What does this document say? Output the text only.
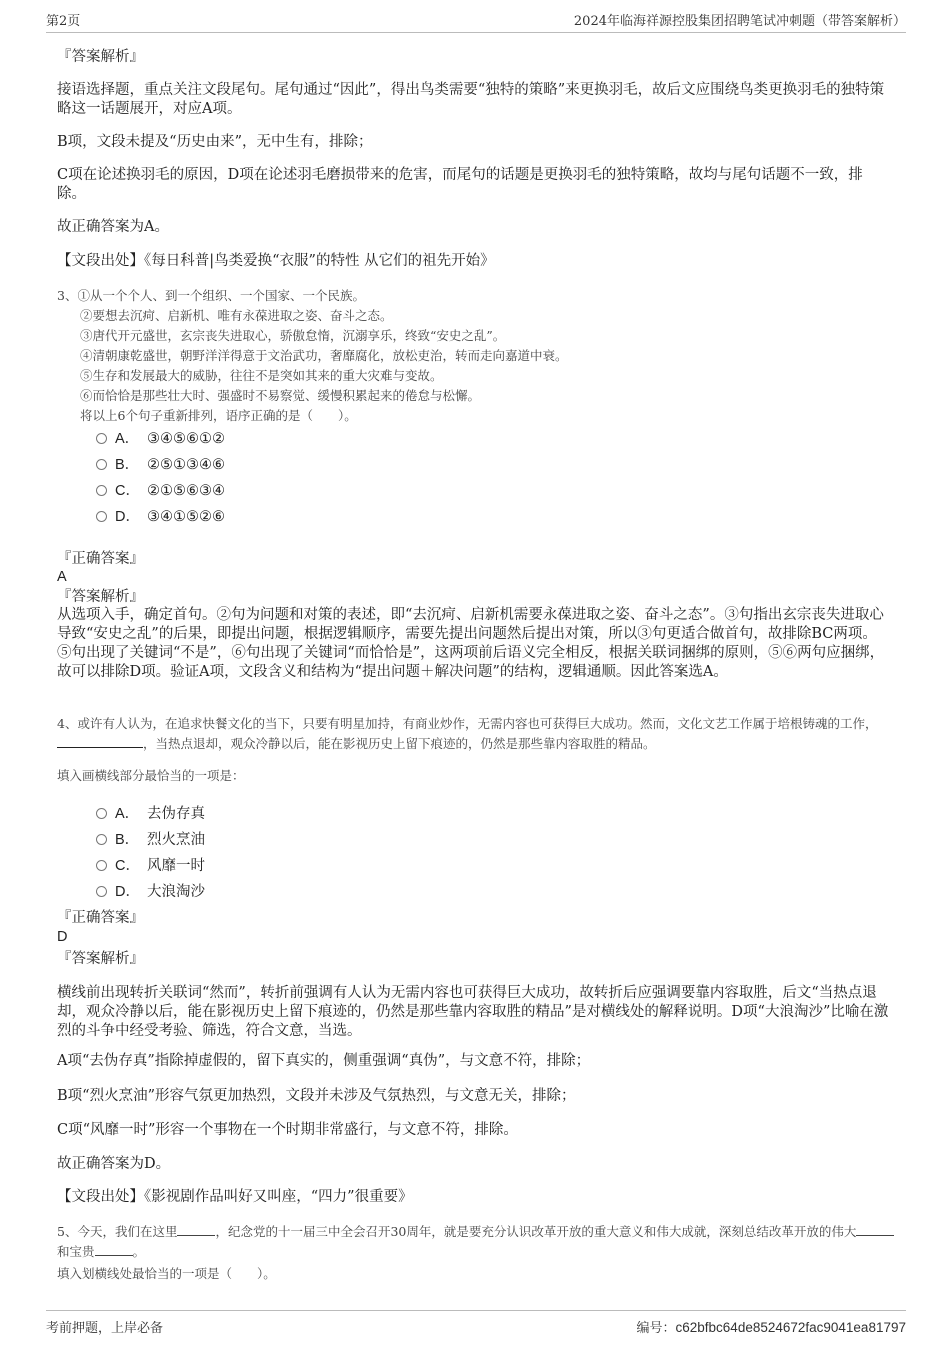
第2页	2024年临海祥源控股集团招聘笔试冲刺题（带答案解析）
『答案解析』
接语选择题，重点关注文段尾句。尾句通过“因此”，得出鸟类需要“独特的策略”来更换羽毛，故后文应围绕鸟类更换羽毛的独特策略这一话题展开，对应A项。
B项，文段未提及“历史由来”，无中生有，排除；
C项在论述换羽毛的原因，D项在论述羽毛磨损带来的危害，而尾句的话题是更换羽毛的独特策略，故均与尾句话题不一致，排除。
故正确答案为A。
【文段出处】《每日科普|鸟类爱换“衣服”的特性 从它们的祖先开始》
3、①从一个个人、到一个组织、一个国家、一个民族。
②要想去沉疴、启新机、唯有永葆进取之姿、奋斗之态。
③唐代开元盛世，玄宗丧失进取心，骄傲怠惰，沉溺享乐，终致“安史之乱”。
④清朝康乾盛世，朝野洋洋得意于文治武功，奢靡腐化，放松吏治，转而走向嘉道中衰。
⑤生存和发展最大的威胁，往往不是突如其来的重大灾难与变故。
⑥而恰恰是那些壮大时、强盛时不易察觉、缓慢积累起来的倦怠与松懈。
将以上6个句子重新排列，语序正确的是（　　）。
A． ③④⑤⑥①②
B． ②⑤①③④⑥
C． ②①⑤⑥③④
D． ③④①⑤②⑥
『正确答案』
A
『答案解析』
从选项入手，确定首句。②句为问题和对策的表述，即“去沉疴、启新机需要永葆进取之姿、奋斗之态”。③句指出玄宗丧失进取心导致“安史之乱”的后果，即提出问题，根据逻辑顺序，需要先提出问题然后提出对策，所以③句更适合做首句，故排除BC两项。⑤句出现了关键词“不是”，⑥句出现了关键词“而恰恰是”，这两项前后语义完全相反，根据关联词捆绑的原则，⑤⑥两句应捆绑，故可以排除D项。验证A项，文段含义和结构为“提出问题＋解决问题”的结构，逻辑通顺。因此答案选A。
4、或许有人认为，在追求快餐文化的当下，只要有明星加持，有商业炒作，无需内容也可获得巨大成功。然而，文化文艺工作属于培根铸魂的工作，，当热点退却，观众冷静以后，能在影视历史上留下痕迹的，仍然是那些靠内容取胜的精品。
填入画横线部分最恰当的一项是：
A． 去伪存真
B． 烈火烹油
C． 风靡一时
D． 大浪淘沙
『正确答案』
D
『答案解析』
横线前出现转折关联词“然而”，转折前强调有人认为无需内容也可获得巨大成功，故转折后应强调要靠内容取胜，后文“当热点退却，观众冷静以后，能在影视历史上留下痕迹的，仍然是那些靠内容取胜的精品”是对横线处的解释说明。D项“大浪淘沙”比喻在激烈的斗争中经受考验、筛选，符合文意，当选。
A项“去伪存真”指除掉虚假的，留下真实的，侧重强调“真伪”，与文意不符，排除；
B项“烈火烹油”形容气氛更加热烈，文段并未涉及气氛热烈，与文意无关，排除；
C项“风靡一时”形容一个事物在一个时期非常盛行，与文意不符，排除。
故正确答案为D。
【文段出处】《影视剧作品叫好又叫座，“四力”很重要》
5、今天，我们在这里	，纪念党的十一届三中全会召开30周年，就是要充分认识改革开放的重大意义和伟大成就，深刻总结改革开放的伟大和宝贵	。
填入划横线处最恰当的一项是（　　）。
考前押题，上岸必备	编号：c62bfbc64de8524672fac9041ea81797
